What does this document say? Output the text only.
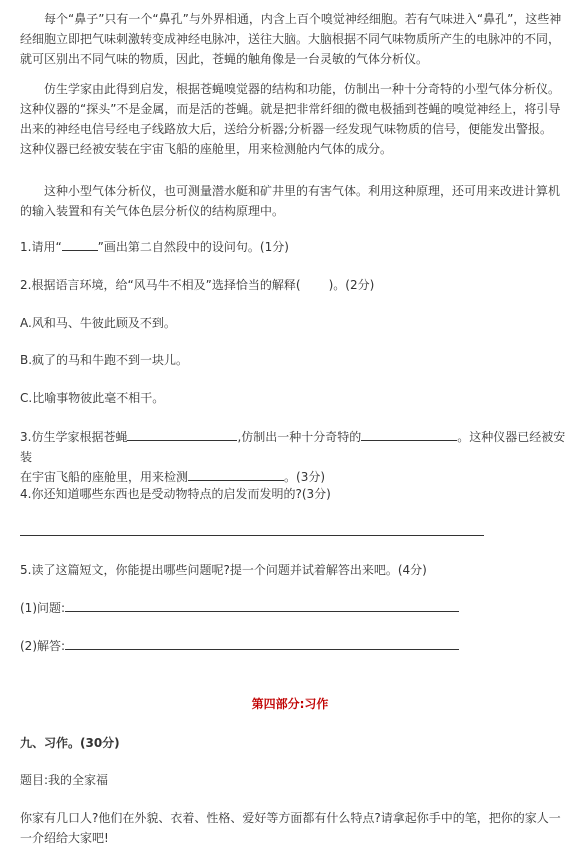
每个“鼻子”只有一个“鼻孔”与外界相通，内含上百个嗅觉神经细胞。若有气味进入“鼻孔”，这些神经细胞立即把气味刺激转变成神经电脉冲，送往大脑。大脑根据不同气味物质所产生的电脉冲的不同，就可区别出不同气味的物质，因此，苍蝇的触角像是一台灵敏的气体分析仪。

仿生学家由此得到启发，根据苍蝇嗅觉器的结构和功能，仿制出一种十分奇特的小型气体分析仪。这种仪器的“探头”不是金属，而是活的苍蝇。就是把非常纤细的微电极插到苍蝇的嗅觉神经上，将引导出来的神经电信号经电子线路放大后，送给分析器;分析器一经发现气味物质的信号，便能发出警报。这种仪器已经被安装在宇宙飞船的座舱里，用来检测舱内气体的成分。

这种小型气体分析仪，也可测量潜水艇和矿井里的有害气体。利用这种原理，还可用来改进计算机的输入装置和有关气体色层分析仪的结构原理中。

1.请用“	”画出第二自然段中的设问句。(1分)

2.根据语言环境，给“风马牛不相及”选择恰当的解释( )。(2分)

A.风和马、牛彼此顾及不到。

B.疯了的马和牛跑不到一块儿。

C.比喻事物彼此毫不相干。

3.仿生学家根据苍蝇	,仿制出一种十分奇特的	。这种仪器已经被安装
在宇宙飞船的座舱里，用来检测	。(3分)

4.你还知道哪些东西也是受动物特点的启发而发明的?(3分)

5.读了这篇短文，你能提出哪些问题呢?提一个问题并试着解答出来吧。(4分)

(1)问题:

(2)解答:

第四部分:习作

九、习作。(30分)

题目:我的全家福

你家有几口人?他们在外貌、衣着、性格、爱好等方面都有什么特点?请拿起你手中的笔，把你的家人一一介绍给大家吧!
